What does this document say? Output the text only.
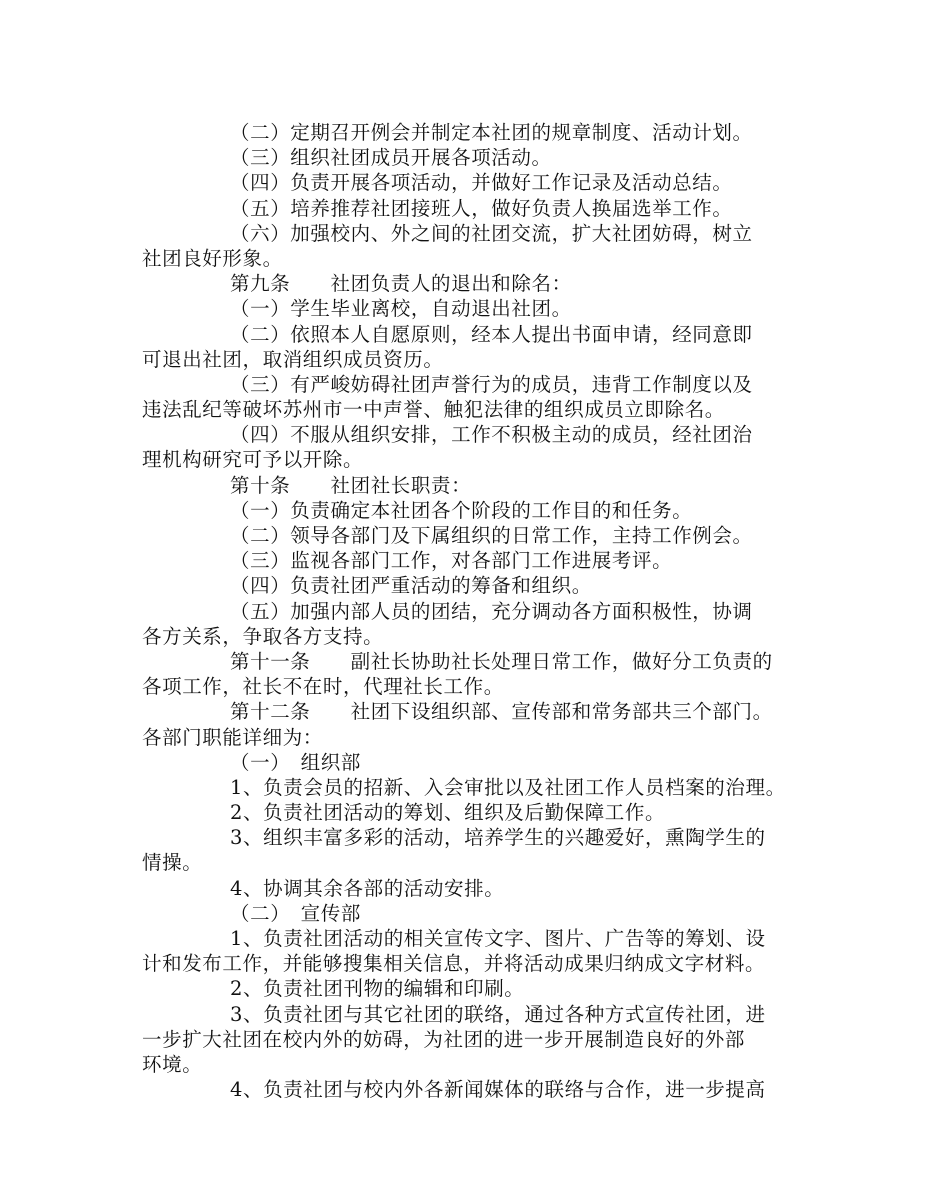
（二）定期召开例会并制定本社团的规章制度、活动计划。
（三）组织社团成员开展各项活动。
（四）负责开展各项活动，并做好工作记录及活动总结。
（五）培养推荐社团接班人，做好负责人换届选举工作。
（六）加强校内、外之间的社团交流，扩大社团妨碍，树立
社团良好形象。
第九条　　社团负责人的退出和除名：
（一）学生毕业离校，自动退出社团。
（二）依照本人自愿原则，经本人提出书面申请，经同意即
可退出社团，取消组织成员资历。
（三）有严峻妨碍社团声誉行为的成员，违背工作制度以及
违法乱纪等破坏苏州市一中声誉、触犯法律的组织成员立即除名。
（四）不服从组织安排，工作不积极主动的成员，经社团治
理机构研究可予以开除。
第十条　　社团社长职责：
（一）负责确定本社团各个阶段的工作目的和任务。
（二）领导各部门及下属组织的日常工作，主持工作例会。
（三）监视各部门工作，对各部门工作进展考评。
（四）负责社团严重活动的筹备和组织。
（五）加强内部人员的团结，充分调动各方面积极性，协调
各方关系，争取各方支持。
第十一条　　副社长协助社长处理日常工作，做好分工负责的
各项工作，社长不在时，代理社长工作。
第十二条　　社团下设组织部、宣传部和常务部共三个部门。
各部门职能详细为：
（一）　组织部
1、负责会员的招新、入会审批以及社团工作人员档案的治理。
2、负责社团活动的筹划、组织及后勤保障工作。
3、组织丰富多彩的活动，培养学生的兴趣爱好，熏陶学生的
情操。
4、协调其余各部的活动安排。
（二）　宣传部
1、负责社团活动的相关宣传文字、图片、广告等的筹划、设
计和发布工作，并能够搜集相关信息，并将活动成果归纳成文字材料。
2、负责社团刊物的编辑和印刷。
3、负责社团与其它社团的联络，通过各种方式宣传社团，进
一步扩大社团在校内外的妨碍，为社团的进一步开展制造良好的外部
环境。
4、负责社团与校内外各新闻媒体的联络与合作，进一步提高
